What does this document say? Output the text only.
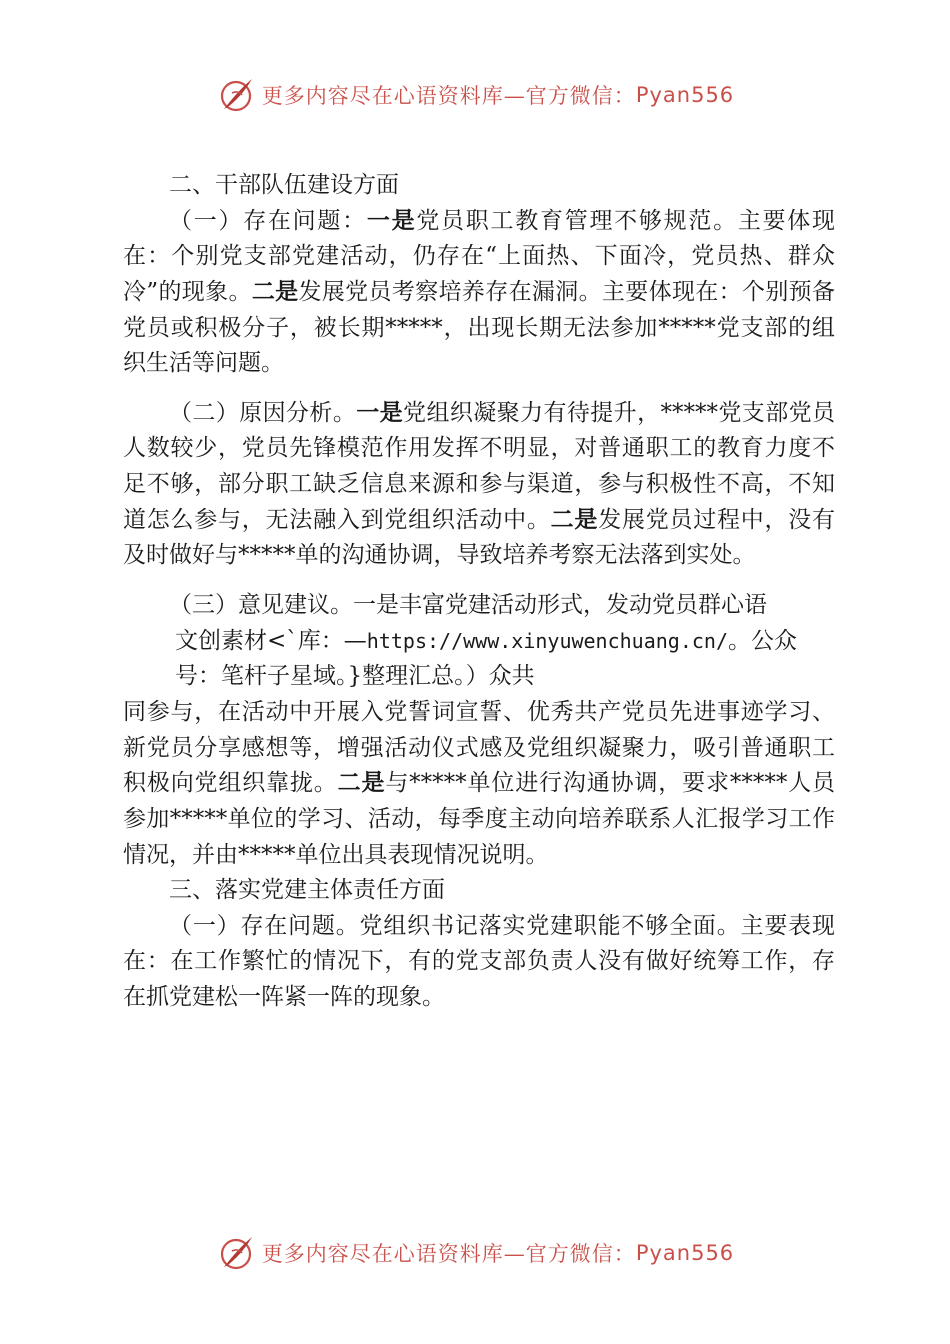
更多内容尽在心语资料库—官方微信： Pyan556

二、干部队伍建设方面

（一）存在问题：一是党员职工教育管理不够规范。主要体现在：个别党支部党建活动，仍存在“上面热、下面冷，党员热、群众冷”的现象。二是发展党员考察培养存在漏洞。主要体现在：个别预备党员或积极分子，被长期*****，出现长期无法参加*****党支部的组织生活等问题。

（二）原因分析。一是党组织凝聚力有待提升，*****党支部党员人数较少，党员先锋模范作用发挥不明显，对普通职工的教育力度不足不够，部分职工缺乏信息来源和参与渠道，参与积极性不高，不知道怎么参与，无法融入到党组织活动中。二是发展党员过程中，没有及时做好与*****单的沟通协调，导致培养考察无法落到实处。

（三）意见建议。一是丰富党建活动形式，发动党员群心语

文创素材<`库：—https://www.xinyuwenchuang.cn/。公众

号：笔杆子星域。}整理汇总。）众共

同参与，在活动中开展入党誓词宣誓、优秀共产党员先进事迹学习、新党员分享感想等，增强活动仪式感及党组织凝聚力，吸引普通职工积极向党组织靠拢。二是与*****单位进行沟通协调，要求*****人员参加*****单位的学习、活动，每季度主动向培养联系人汇报学习工作情况，并由*****单位出具表现情况说明。

三、落实党建主体责任方面

（一）存在问题。党组织书记落实党建职能不够全面。主要表现在：在工作繁忙的情况下，有的党支部负责人没有做好统筹工作，存在抓党建松一阵紧一阵的现象。

更多内容尽在心语资料库—官方微信： Pyan556
